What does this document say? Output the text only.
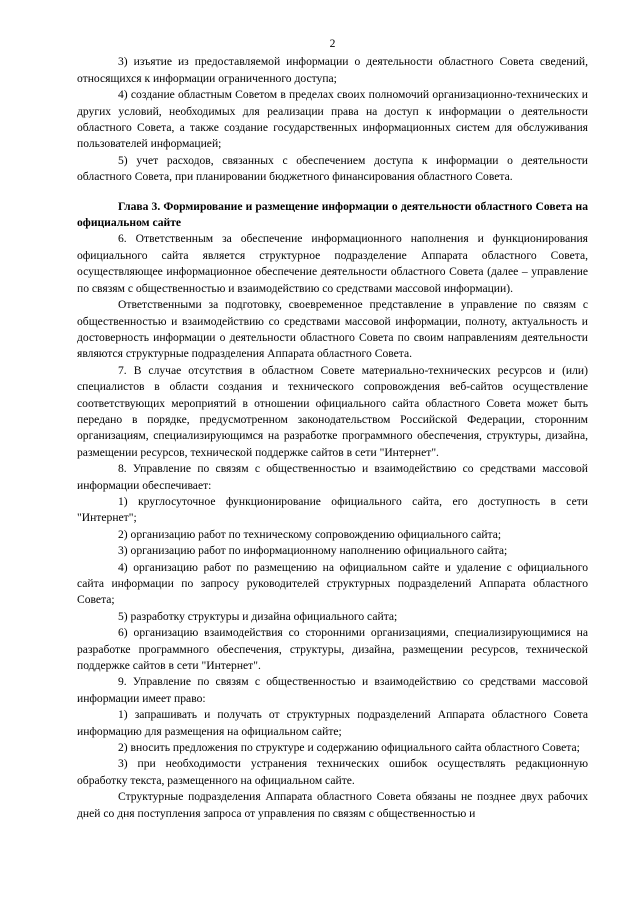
2

3) изъятие из предоставляемой информации о деятельности областного Совета сведений, относящихся к информации ограниченного доступа;

4) создание областным Советом в пределах своих полномочий организационно-технических и других условий, необходимых для реализации права на доступ к информации о деятельности областного Совета, а также создание государственных информационных систем для обслуживания пользователей информацией;

5) учет расходов, связанных с обеспечением доступа к информации о деятельности областного Совета, при планировании бюджетного финансирования областного Совета.

Глава 3. Формирование и размещение информации о деятельности областного Совета на официальном сайте

6. Ответственным за обеспечение информационного наполнения и функционирования официального сайта является структурное подразделение Аппарата областного Совета, осуществляющее информационное обеспечение деятельности областного Совета (далее – управление по связям с общественностью и взаимодействию со средствами массовой информации).

Ответственными за подготовку, своевременное представление в управление по связям с общественностью и взаимодействию со средствами массовой информации, полноту, актуальность и достоверность информации о деятельности областного Совета по своим направлениям деятельности являются структурные подразделения Аппарата областного Совета.

7. В случае отсутствия в областном Совете материально-технических ресурсов и (или) специалистов в области создания и технического сопровождения веб-сайтов осуществление соответствующих мероприятий в отношении официального сайта областного Совета может быть передано в порядке, предусмотренном законодательством Российской Федерации, сторонним организациям, специализирующимся на разработке программного обеспечения, структуры, дизайна, размещении ресурсов, технической поддержке сайтов в сети "Интернет".

8. Управление по связям с общественностью и взаимодействию со средствами массовой информации обеспечивает:

1) круглосуточное функционирование официального сайта, его доступность в сети "Интернет";

2) организацию работ по техническому сопровождению официального сайта;

3) организацию работ по информационному наполнению официального сайта;

4) организацию работ по размещению на официальном сайте и удаление с официального сайта информации по запросу руководителей структурных подразделений Аппарата областного Совета;

5) разработку структуры и дизайна официального сайта;

6) организацию взаимодействия со сторонними организациями, специализирующимися на разработке программного обеспечения, структуры, дизайна, размещении ресурсов, технической поддержке сайтов в сети "Интернет".

9. Управление по связям с общественностью и взаимодействию со средствами массовой информации имеет право:

1) запрашивать и получать от структурных подразделений Аппарата областного Совета информацию для размещения на официальном сайте;

2) вносить предложения по структуре и содержанию официального сайта областного Совета;

3) при необходимости устранения технических ошибок осуществлять редакционную обработку текста, размещенного на официальном сайте.

Структурные подразделения Аппарата областного Совета обязаны не позднее двух рабочих дней со дня поступления запроса от управления по связям с общественностью и
